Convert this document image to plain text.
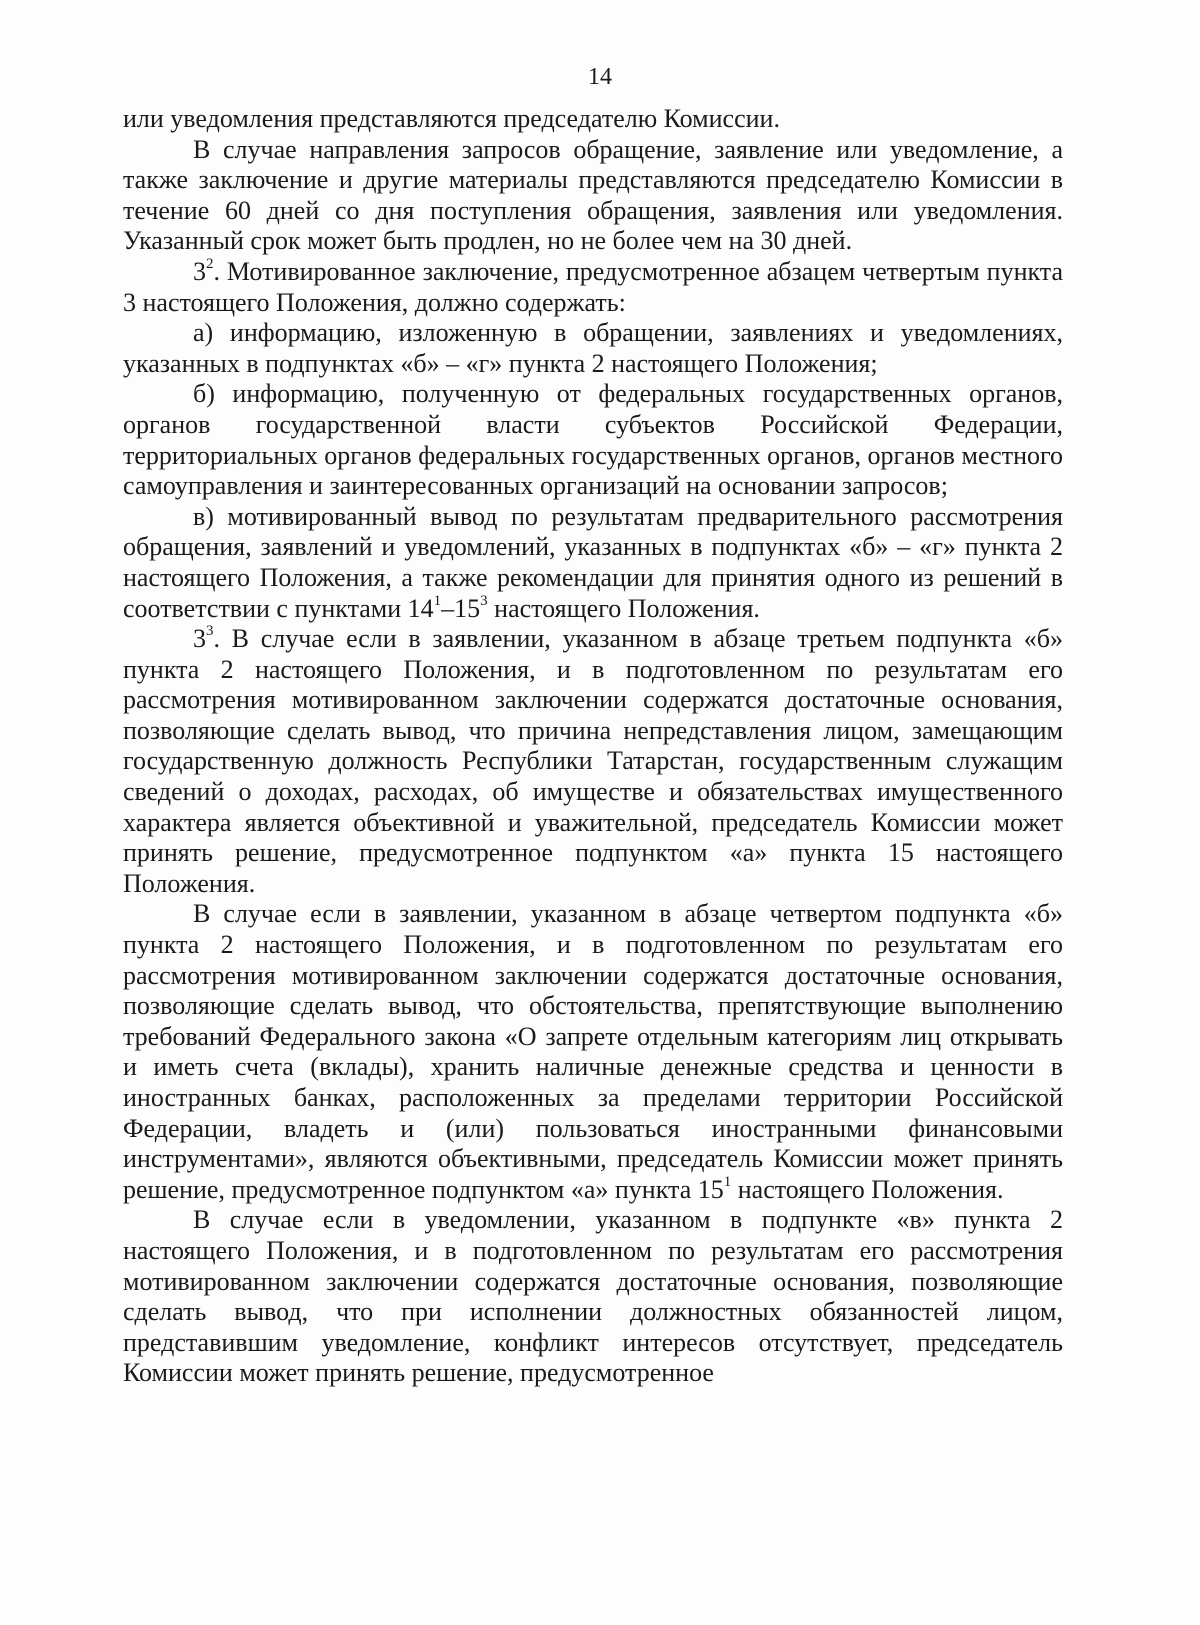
14

или уведомления представляются председателю Комиссии.

В случае направления запросов обращение, заявление или уведомление, а также заключение и другие материалы представляются председателю Комиссии в течение 60 дней со дня поступления обращения, заявления или уведомления. Указанный срок может быть продлен, но не более чем на 30 дней.

$3^2$. Мотивированное заключение, предусмотренное абзацем четвертым пункта 3 настоящего Положения, должно содержать:

а) информацию, изложенную в обращении, заявлениях и уведомлениях, указанных в подпунктах «б» – «г» пункта 2 настоящего Положения;

б) информацию, полученную от федеральных государственных органов, органов государственной власти субъектов Российской Федерации, территориальных органов федеральных государственных органов, органов местного самоуправления и заинтересованных организаций на основании запросов;

в) мотивированный вывод по результатам предварительного рассмотрения обращения, заявлений и уведомлений, указанных в подпунктах «б» – «г» пункта 2 настоящего Положения, а также рекомендации для принятия одного из решений в соответствии с пунктами $14^1-15^3$ настоящего Положения.

$3^3$. В случае если в заявлении, указанном в абзаце третьем подпункта «б» пункта 2 настоящего Положения, и в подготовленном по результатам его рассмотрения мотивированном заключении содержатся достаточные основания, позволяющие сделать вывод, что причина непредставления лицом, замещающим государственную должность Республики Татарстан, государственным служащим сведений о доходах, расходах, об имуществе и обязательствах имущественного характера является объективной и уважительной, председатель Комиссии может принять решение, предусмотренное подпунктом «а» пункта 15 настоящего Положения.

В случае если в заявлении, указанном в абзаце четвертом подпункта «б» пункта 2 настоящего Положения, и в подготовленном по результатам его рассмотрения мотивированном заключении содержатся достаточные основания, позволяющие сделать вывод, что обстоятельства, препятствующие выполнению требований Федерального закона «О запрете отдельным категориям лиц открывать и иметь счета (вклады), хранить наличные денежные средства и ценности в иностранных банках, расположенных за пределами территории Российской Федерации, владеть и (или) пользоваться иностранными финансовыми инструментами», являются объективными, председатель Комиссии может принять решение, предусмотренное подпунктом «а» пункта $15^1$ настоящего Положения.

В случае если в уведомлении, указанном в подпункте «в» пункта 2 настоящего Положения, и в подготовленном по результатам его рассмотрения мотивированном заключении содержатся достаточные основания, позволяющие сделать вывод, что при исполнении должностных обязанностей лицом, представившим уведомление, конфликт интересов отсутствует, председатель Комиссии может принять решение, предусмотренное
